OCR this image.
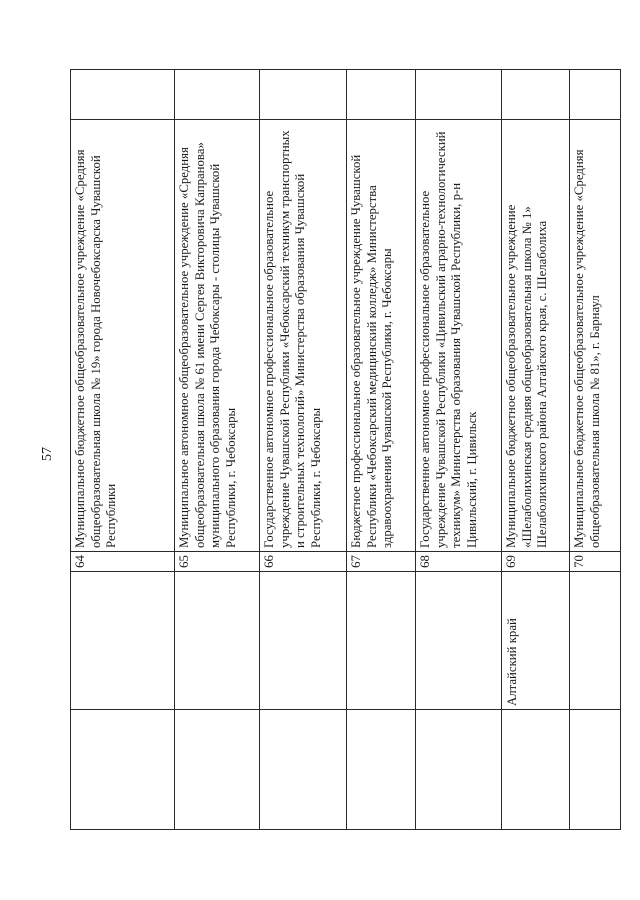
57
		64	Муниципальное бюджетное общеобразовательное учреждение «Средняя общеобразовательная школа № 19» города Новочебоксарска Чувашской Республики	
		65	Муниципальное автономное общеобразовательное учреждение «Средняя общеобразовательная школа № 61 имени Сергея Викторовича Капранова» муниципального образования города Чебоксары - столицы Чувашской Республики, г. Чебоксары	
		66	Государственное автономное профессиональное образовательное учреждение Чувашской Республики «Чебоксарский техникум транспортных и строительных технологий» Министерства образования Чувашской Республики, г. Чебоксары	
		67	Бюджетное профессиональное образовательное учреждение Чувашской Республики «Чебоксарский медицинский колледж» Министерства здравоохранения Чувашской Республики, г. Чебоксары	
		68	Государственное автономное профессиональное образовательное учреждение Чувашской Республики «Цивильский аграрно-технологический техникум» Министерства образования Чувашской Республики, р-н Цивильский, г. Цивильск	
	Алтайский край	69	Муниципальное бюджетное общеобразовательное учреждение «Шелаболихинская средняя общеобразовательная школа № 1» Шелаболихинского района Алтайского края, с. Шелаболиха	
		70	Муниципальное бюджетное общеобразовательное учреждение «Средняя общеобразовательная школа № 81», г. Барнаул	
